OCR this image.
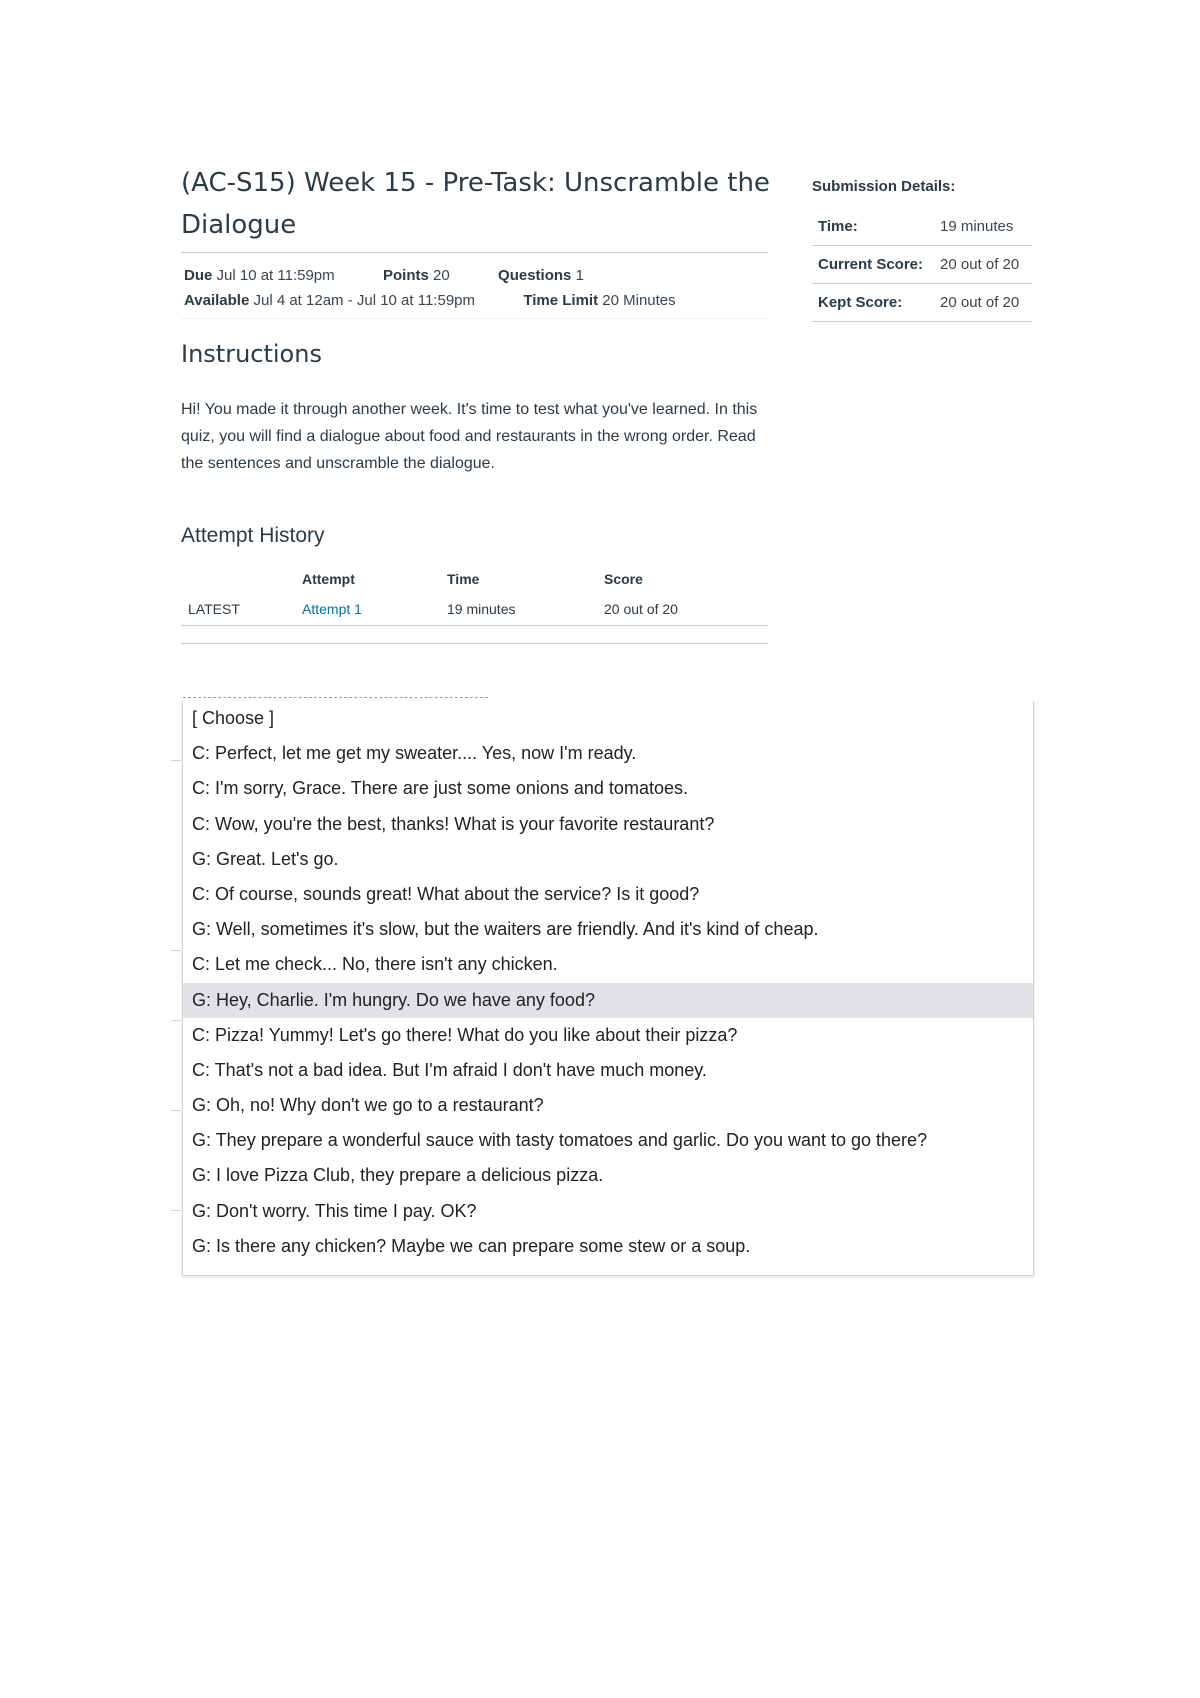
(AC-S15) Week 15 - Pre-Task: Unscramble the Dialogue
Due Jul 10 at 11:59pm	Points 20	Questions 1
Available Jul 4 at 12am - Jul 10 at 11:59pm	Time Limit 20 Minutes
Submission Details:
Time:	19 minutes
Current Score:	20 out of 20
Kept Score:	20 out of 20
Instructions

Hi! You made it through another week. It's time to test what you've learned. In this quiz, you will find a dialogue about food and restaurants in the wrong order. Read the sentences and unscramble the dialogue.

Attempt History
	Attempt	Time	Score
LATEST	Attempt 1	19 minutes	20 out of 20
[ Choose ]
C: Perfect, let me get my sweater.... Yes, now I'm ready.
C: I'm sorry, Grace. There are just some onions and tomatoes.
C: Wow, you're the best, thanks! What is your favorite restaurant?
G: Great. Let's go.
C: Of course, sounds great! What about the service? Is it good?
G: Well, sometimes it's slow, but the waiters are friendly. And it's kind of cheap.
C: Let me check... No, there isn't any chicken.
G: Hey, Charlie. I'm hungry. Do we have any food?
C: Pizza! Yummy! Let's go there! What do you like about their pizza?
C: That's not a bad idea. But I'm afraid I don't have much money.
G: Oh, no! Why don't we go to a restaurant?
G: They prepare a wonderful sauce with tasty tomatoes and garlic. Do you want to go there?
G: I love Pizza Club, they prepare a delicious pizza.
G: Don't worry. This time I pay. OK?
G: Is there any chicken? Maybe we can prepare some stew or a soup.
